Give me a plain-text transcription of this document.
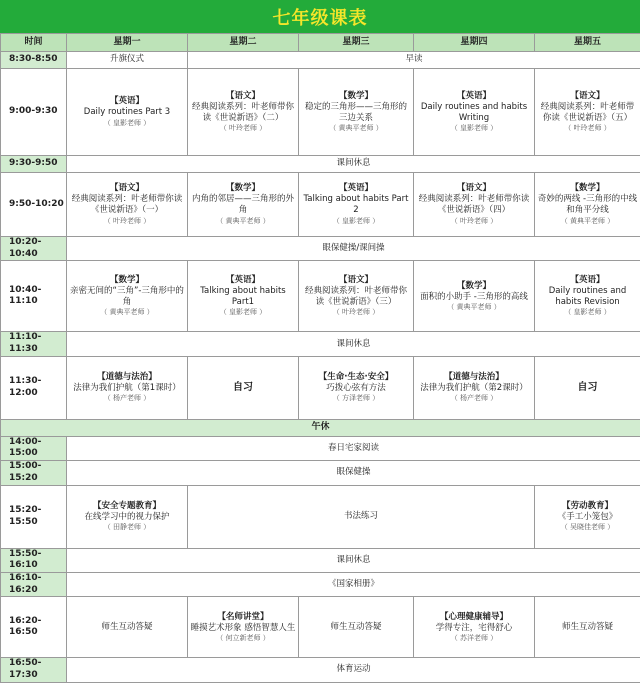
七年级课表
时间	星期一	星期二	星期三	星期四	星期五
8:30-8:50	升旗仪式	早读			
9:00-9:30	【英语】
Daily routines Part 3
（ 皇影老师 ）	【语文】
经典阅读系列：叶老师带你读《世说新语》（二）
（ 叶玲老师 ）	【数学】
稳定的三角形——三角形的三边关系
（ 黄典平老师 ）	【英语】
Daily routines and habits Writing
（ 皇影老师 ）	【语文】
经典阅读系列：叶老师带你读《世说新语》（五）
（ 叶玲老师 ）

9:30-9:50	课间休息				
9:50-10:20	【语文】
经典阅读系列：叶老师带你读《世说新语》（一）
（ 叶玲老师 ）	【数学】
内角的邻居——三角形的外角
（ 黄典平老师 ）	【英语】
Talking about habits Part 2
（ 皇影老师 ）	【语文】
经典阅读系列：叶老师带你读《世说新语》（四）
（ 叶玲老师 ）	【数学】
奇妙的两线 -三角形的中线和角平分线
（ 黄典平老师 ）

10:20-10:40	眼保健操/课间操				
10:40-11:10	【数学】
亲密无间的“三角”-三角形中的角
（ 黄典平老师 ）	【英语】
Talking about habits Part1
（ 皇影老师 ）	【语文】
经典阅读系列：叶老师带你读《世说新语》（三）
（ 叶玲老师 ）	【数学】
面积的小助手 -三角形的高线
（ 黄典平老师 ）	【英语】
Daily routines and habits Revision
（ 皇影老师 ）

11:10-11:30	课间休息				
11:30-12:00	【道德与法治】
法律为我们护航（第1课时）
（ 杨产老师 ）	自习	【生命·生态·安全】
巧拨心弦有方法
（ 方泽老师 ）	【道德与法治】
法律为我们护航（第2课时）
（ 杨产老师 ）	自习
午休					
14:00-15:00	春日宅家阅读				
15:00-15:20	眼保健操				
15:20-15:50	【安全专题教育】
在线学习中的视力保护
（ 田静老师 ）	书法练习			【劳动教育】
《手工小笼包》
（ 吴晓佳老师 ）

15:50-16:10	课间休息				
16:10-16:20	《国家相册》				
16:20-16:50	师生互动答疑	【名师讲堂】
睡摸艺术形象 感悟智慧人生
（ 何立新老师 ）	师生互动答疑	【心理健康辅导】
学得专注，宅得舒心
（ 苏洋老师 ）	师生互动答疑
16:50-17:30	体育运动				
